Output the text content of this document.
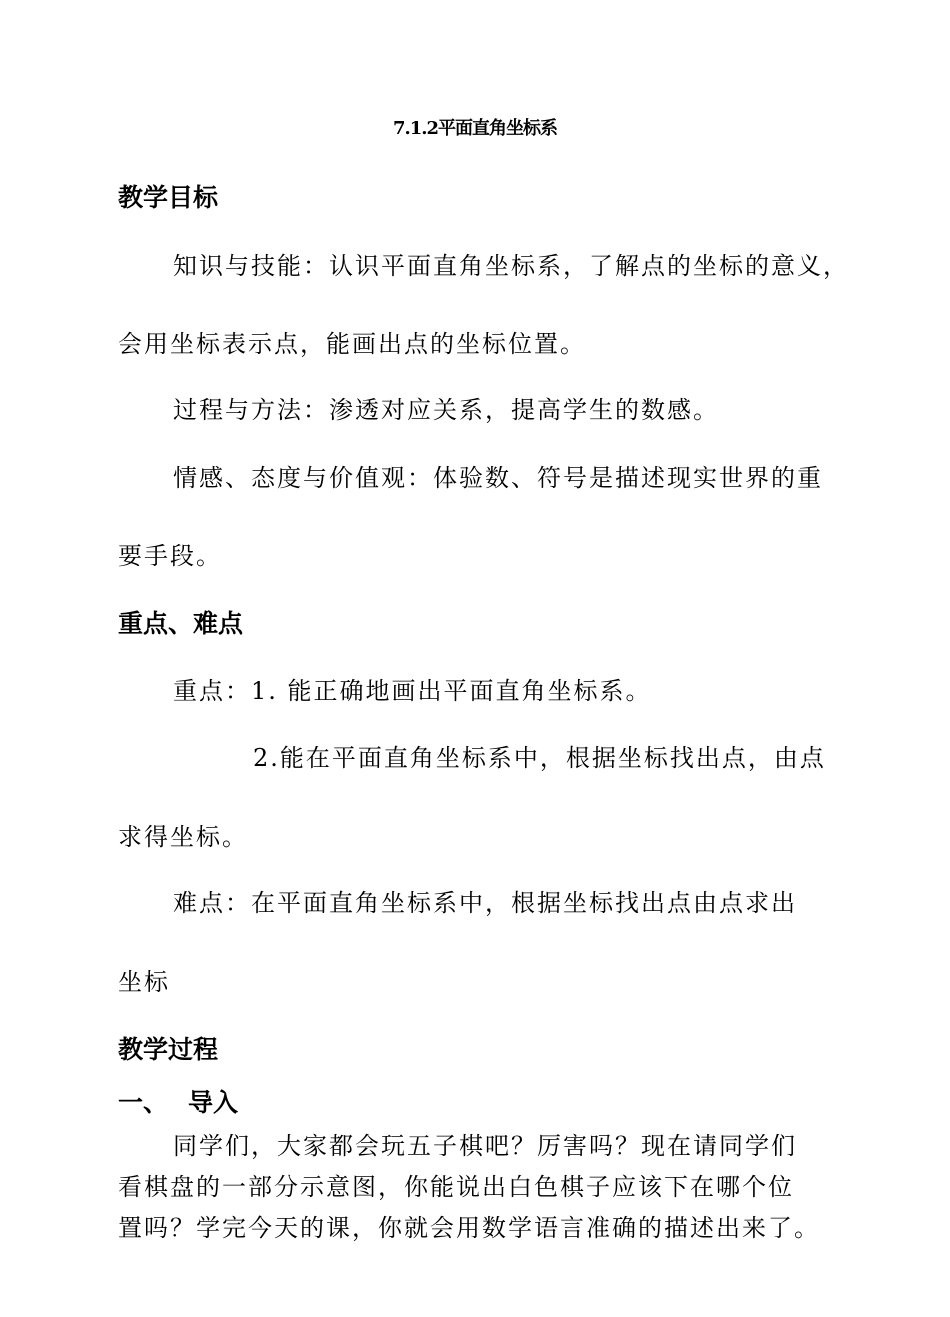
7.1.2平面直角坐标系
教学目标
知识与技能：认识平面直角坐标系，了解点的坐标的意义，
会用坐标表示点，能画出点的坐标位置。
过程与方法：渗透对应关系，提高学生的数感。
情感、态度与价值观：体验数、符号是描述现实世界的重
要手段。
重点、难点
重点：1. 能正确地画出平面直角坐标系。
2.能在平面直角坐标系中，根据坐标找出点，由点
求得坐标。
难点：在平面直角坐标系中，根据坐标找出点由点求出
坐标
教学过程
一、 导入
同学们，大家都会玩五子棋吧？厉害吗？现在请同学们
看棋盘的一部分示意图，你能说出白色棋子应该下在哪个位
置吗？学完今天的课，你就会用数学语言准确的描述出来了。
